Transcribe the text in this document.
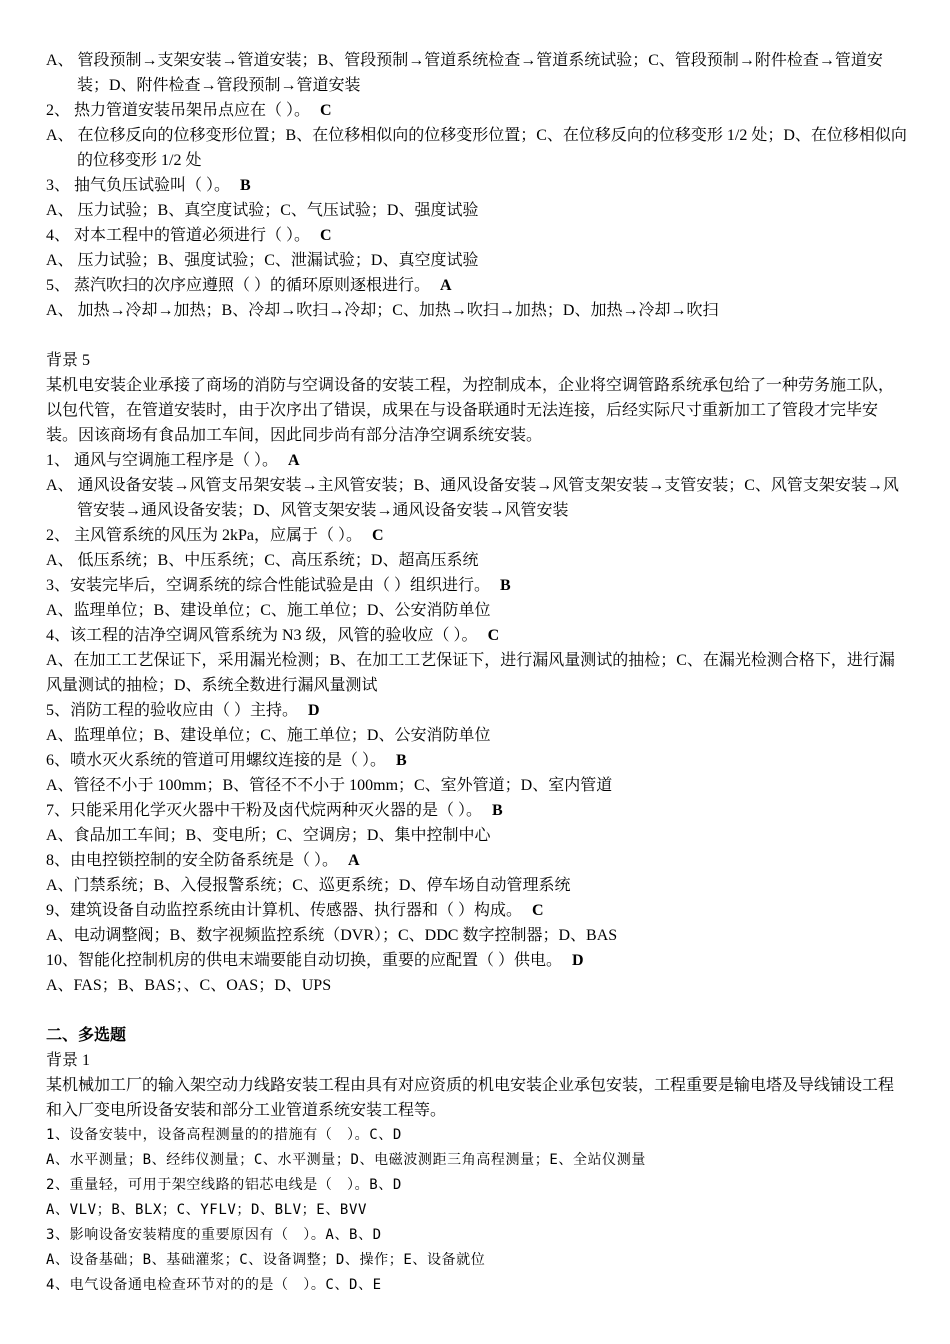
A、 管段预制→支架安装→管道安装；B、管段预制→管道系统检查→管道系统试验；C、管段预制→附件检查→管道安装；D、附件检查→管段预制→管道安装
2、 热力管道安装吊架吊点应在（ ）。 C
A、 在位移反向的位移变形位置；B、在位移相似向的位移变形位置；C、在位移反向的位移变形 1/2 处；D、在位移相似向的位移变形 1/2 处
3、 抽气负压试验叫（ ）。 B
A、 压力试验；B、真空度试验；C、气压试验；D、强度试验
4、 对本工程中的管道必须进行（ ）。 C
A、 压力试验；B、强度试验；C、泄漏试验；D、真空度试验
5、 蒸汽吹扫的次序应遵照（ ）的循环原则逐根进行。 A
A、 加热→冷却→加热；B、冷却→吹扫→冷却；C、加热→吹扫→加热；D、加热→冷却→吹扫
背景 5
某机电安装企业承接了商场的消防与空调设备的安装工程，为控制成本，企业将空调管路系统承包给了一种劳务施工队，以包代管，在管道安装时，由于次序出了错误，成果在与设备联通时无法连接，后经实际尺寸重新加工了管段才完毕安装。因该商场有食品加工车间，因此同步尚有部分洁净空调系统安装。
1、 通风与空调施工程序是（ ）。 A
A、 通风设备安装→风管支吊架安装→主风管安装；B、通风设备安装→风管支架安装→支管安装；C、风管支架安装→风管安装→通风设备安装；D、风管支架安装→通风设备安装→风管安装
2、 主风管系统的风压为 2kPa，应属于（ ）。 C
A、 低压系统；B、中压系统；C、高压系统；D、超高压系统
3、安装完毕后，空调系统的综合性能试验是由（ ）组织进行。 B
A、监理单位；B、建设单位；C、施工单位；D、公安消防单位
4、该工程的洁净空调风管系统为 N3 级，风管的验收应（ ）。 C
A、在加工工艺保证下，采用漏光检测；B、在加工工艺保证下，进行漏风量测试的抽检；C、在漏光检测合格下，进行漏风量测试的抽检；D、系统全数进行漏风量测试
5、消防工程的验收应由（ ）主持。 D
A、监理单位；B、建设单位；C、施工单位；D、公安消防单位
6、喷水灭火系统的管道可用螺纹连接的是（ ）。 B
A、管径不小于 100mm；B、管径不不小于 100mm；C、室外管道；D、室内管道
7、只能采用化学灭火器中干粉及卤代烷两种灭火器的是（ ）。 B
A、食品加工车间；B、变电所；C、空调房；D、集中控制中心
8、由电控锁控制的安全防备系统是（ ）。 A
A、门禁系统；B、入侵报警系统；C、巡更系统；D、停车场自动管理系统
9、建筑设备自动监控系统由计算机、传感器、执行器和（ ）构成。 C
A、电动调整阀；B、数字视频监控系统（DVR）；C、DDC 数字控制器；D、BAS
10、智能化控制机房的供电末端要能自动切换，重要的应配置（ ）供电。 D
A、FAS；B、BAS；、C、OAS；D、UPS
二、多选题
背景 1
某机械加工厂的输入架空动力线路安装工程由具有对应资质的机电安装企业承包安装，工程重要是输电塔及导线铺设工程和入厂变电所设备安装和部分工业管道系统安装工程等。
1、设备安装中，设备高程测量的的措施有（　）。C、D
A、水平测量；B、经纬仪测量；C、水平测量；D、电磁波测距三角高程测量；E、全站仪测量
2、重量轻，可用于架空线路的铝芯电线是（　）。B、D
A、VLV；B、BLX；C、YFLV；D、BLV；E、BVV
3、影响设备安装精度的重要原因有（　）。A、B、D
A、设备基础；B、基础灌浆；C、设备调整；D、操作；E、设备就位
4、电气设备通电检查环节对的的是（　）。C、D、E
